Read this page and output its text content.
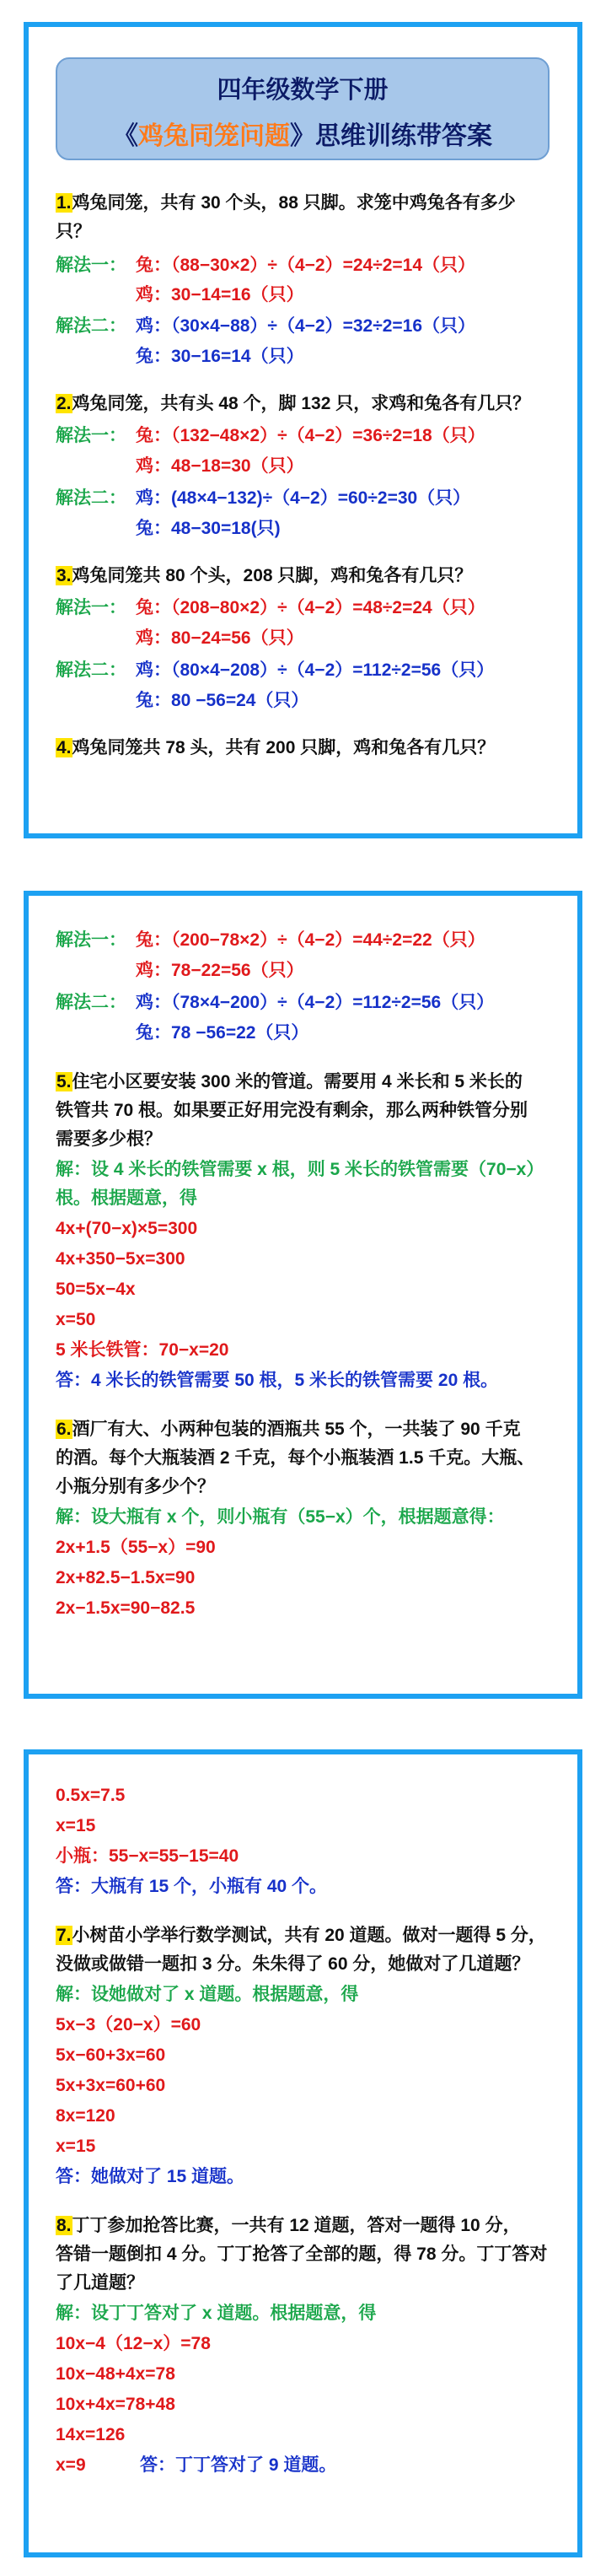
四年级数学下册
《鸡兔同笼问题》思维训练带答案
1.鸡兔同笼，共有 30 个头，88 只脚。求笼中鸡兔各有多少
只？
解法一： 兔：（88−30×2）÷（4−2）=24÷2=14（只）
鸡：30−14=16（只）
解法二： 鸡：（30×4−88）÷（4−2）=32÷2=16（只）
兔：30−16=14（只）
2.鸡兔同笼，共有头 48 个，脚 132 只，求鸡和兔各有几只？
解法一： 兔：（132−48×2）÷（4−2）=36÷2=18（只）
鸡：48−18=30（只）
解法二： 鸡：(48×4−132)÷（4−2）=60÷2=30（只）
兔：48−30=18(只)
3.鸡兔同笼共 80 个头，208 只脚，鸡和兔各有几只？
解法一： 兔：（208−80×2）÷（4−2）=48÷2=24（只）
鸡：80−24=56（只）
解法二： 鸡：（80×4−208）÷（4−2）=112÷2=56（只）
兔：80 −56=24（只）
4.鸡兔同笼共 78 头，共有 200 只脚，鸡和兔各有几只？
解法一： 兔：（200−78×2）÷（4−2）=44÷2=22（只）
鸡：78−22=56（只）
解法二： 鸡：（78×4−200）÷（4−2）=112÷2=56（只）
兔：78 −56=22（只）
5.住宅小区要安装 300 米的管道。需要用 4 米长和 5 米长的
铁管共 70 根。如果要正好用完没有剩余，那么两种铁管分别
需要多少根？
解：设 4 米长的铁管需要 x 根，则 5 米长的铁管需要（70−x）
根。根据题意，得
4x+(70−x)×5=300
4x+350−5x=300
50=5x−4x
x=50
5 米长铁管：70−x=20
答：4 米长的铁管需要 50 根，5 米长的铁管需要 20 根。
6.酒厂有大、小两种包装的酒瓶共 55 个，一共装了 90 千克
的酒。每个大瓶装酒 2 千克，每个小瓶装酒 1.5 千克。大瓶、
小瓶分别有多少个？
解：设大瓶有 x 个，则小瓶有（55−x）个，根据题意得：
2x+1.5（55−x）=90
2x+82.5−1.5x=90
2x−1.5x=90−82.5
0.5x=7.5
x=15
小瓶：55−x=55−15=40
答：大瓶有 15 个，小瓶有 40 个。
7.小树苗小学举行数学测试，共有 20 道题。做对一题得 5 分，
没做或做错一题扣 3 分。朱朱得了 60 分，她做对了几道题？
解：设她做对了 x 道题。根据题意，得
5x−3（20−x）=60
5x−60+3x=60
5x+3x=60+60
8x=120
x=15
答：她做对了 15 道题。
8.丁丁参加抢答比赛，一共有 12 道题，答对一题得 10 分，
答错一题倒扣 4 分。丁丁抢答了全部的题，得 78 分。丁丁答对
了几道题？
解：设丁丁答对了 x 道题。根据题意，得
10x−4（12−x）=78
10x−48+4x=78
10x+4x=78+48
14x=126
x=9	答：丁丁答对了 9 道题。
